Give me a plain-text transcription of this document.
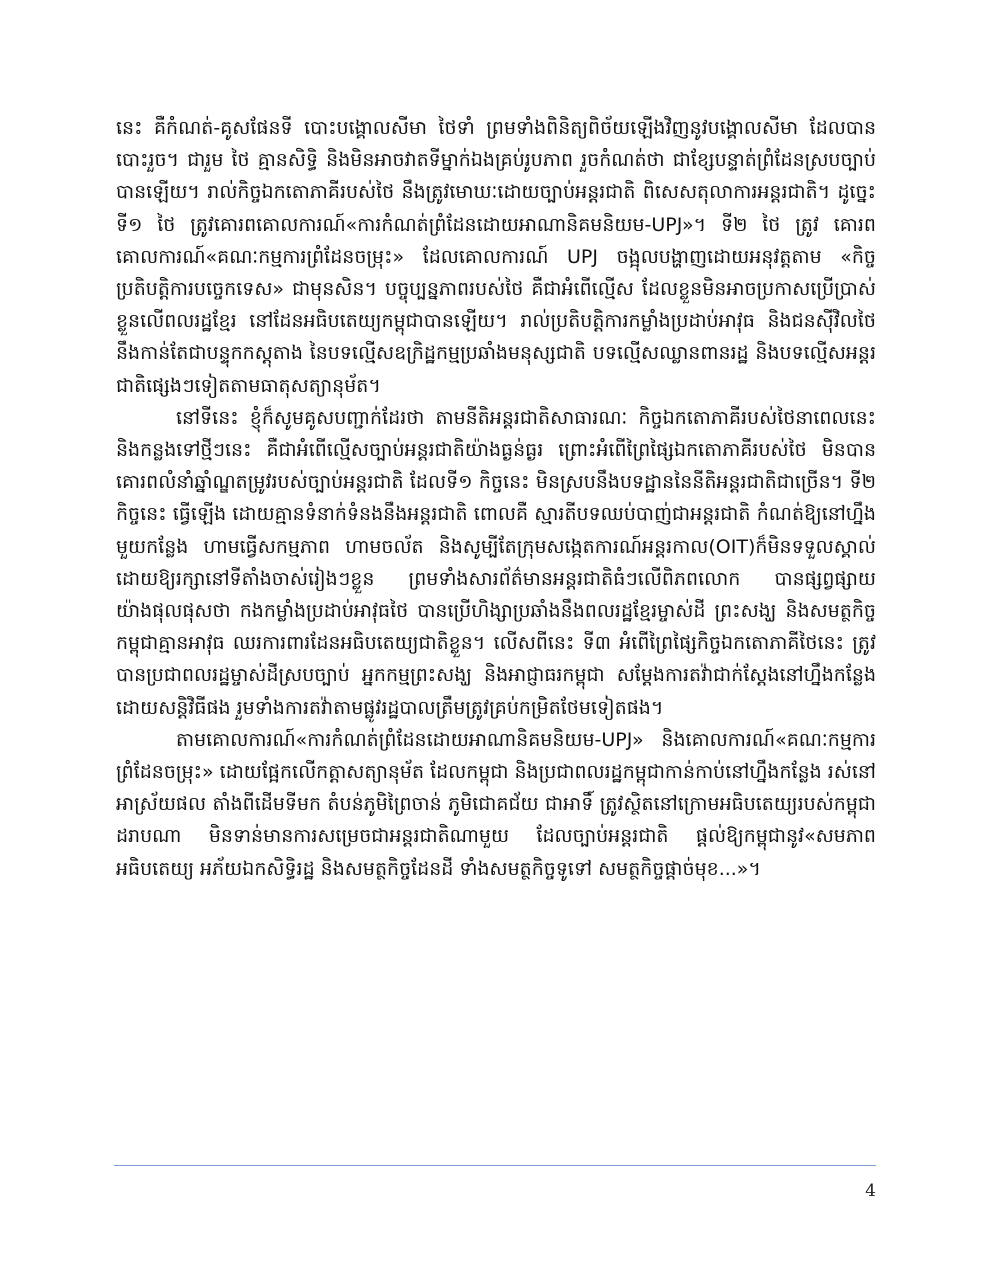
នេះ គឺកំណត់-គូសផែនទី បោះបង្គោលសីមា ថៃទាំ ព្រមទាំងពិនិត្យពិច័យឡើងវិញនូវបង្គោលសីមា ដែលបានបោះរួច។ ជារួម ថៃ គ្មានសិទ្ធិ និងមិនអាចវាតទីម្នាក់ឯងគ្រប់រូបភាព រួចកំណត់ថា ជាខ្សែបន្ទាត់ព្រំដែនស្របច្បាប់បានឡើយ។ រាល់កិច្ចឯកតោភាគីរបស់ថៃ នឹងត្រូវមោឃៈដោយច្បាប់អន្តរជាតិ ពិសេសតុលាការអន្តរជាតិ។ ដូច្នេះ ទី១ ថៃ ត្រូវគោរពគោលការណ៍«ការកំណត់ព្រំដែនដោយអាណានិគមនិយម-UPJ»។ ទី២ ថៃ ត្រូវ គោរពគោលការណ៍«គណៈកម្មការព្រំដែនចម្រុះ» ដែលគោលការណ៍ UPJ ចង្អុលបង្ហាញដោយអនុវត្តតាម «កិច្ចប្រតិបត្តិការបច្ចេកទេស» ជាមុនសិន។ បច្ចុប្បន្នភាពរបស់ថៃ គឺជាអំពើល្មើស ដែលខ្លួនមិនអាចប្រកាសប្រើប្រាស់ខ្លួនលើពលរដ្ឋខ្មែរ នៅដែនអធិបតេយ្យកម្ពុជាបានឡើយ។ រាល់ប្រតិបត្តិការកម្លាំងប្រដាប់អាវុធ និងជនស៊ីវិលថៃ នឹងកាន់តែជាបន្ទុកកស្តុតាង នៃបទល្មើសឧក្រិដ្ឋកម្មប្រឆាំងមនុស្សជាតិ បទល្មើសឈ្លានពានរដ្ឋ និងបទល្មើសអន្តរជាតិផ្សេងៗទៀតតាមធាតុសត្យានុម័ត។

នៅទីនេះ ខ្ញុំក៏សូមគូសបញ្ជាក់ដែរថា តាមនីតិអន្តរជាតិសាធារណៈ កិច្ចឯកតោភាគីរបស់ថៃនាពេលនេះ និងកន្លងទៅថ្មីៗនេះ គឺជាអំពើល្មើសច្បាប់អន្តរជាតិយ៉ាងធ្ងន់ធ្ងរ ព្រោះអំពើព្រៃផ្សៃឯកតោភាគីរបស់ថៃ មិនបានគោរពលំនាំឆ្នាំណ្ឌតម្រូវរបស់ច្បាប់អន្តរជាតិ ដែលទី១ កិច្ចនេះ មិនស្របនឹងបទដ្ឋាននៃនីតិអន្តរជាតិជាច្រើន។ ទី២ កិច្ចនេះ ធ្វើឡើង ដោយគ្មានទំនាក់ទំនងនឹងអន្តរជាតិ ពោលគឺ ស្មារតីបទឈប់បាញ់ជាអន្តរជាតិ កំណត់ឱ្យនៅហ្នឹងមួយកន្លែង ហាមធ្វើសកម្មភាព ហាមចល័ត និងសូម្បីតែក្រុមសង្កេតការណ៍អន្តរកាល(OIT)ក៏មិនទទួលស្គាល់ ដោយឱ្យរក្សានៅទីតាំងចាស់រៀងៗខ្លួន ព្រមទាំងសារព័ត៌មានអន្តរជាតិធំៗលើពិភពលោក បានផ្សព្វផ្សាយយ៉ាងផុលផុសថា កងកម្លាំងប្រដាប់អាវុធថៃ បានប្រើហិង្សាប្រឆាំងនឹងពលរដ្ឋខ្មែរម្ចាស់ដី ព្រះសង្ឃ និងសមត្ថកិច្ចកម្ពុជាគ្មានអាវុធ ឈរការពារដែនអធិបតេយ្យជាតិខ្លួន។ លើសពីនេះ ទី៣ អំពើព្រៃផ្សៃកិច្ចឯកតោភាគីថៃនេះ ត្រូវបានប្រជាពលរដ្ឋម្ចាស់ដីស្របច្បាប់ អ្នកកម្មព្រះសង្ឃ និងអាជ្ញាធរកម្ពុជា សម្តែងការតវ៉ាជាក់ស្តែងនៅហ្នឹងកន្លែងដោយសន្តិវិធីផង រួមទាំងការតវ៉ាតាមផ្លូវរដ្ឋបាលត្រឹមត្រូវគ្រប់កម្រិតថែមទៀតផង។

តាមគោលការណ៍«ការកំណត់ព្រំដែនដោយអាណានិគមនិយម-UPJ» និងគោលការណ៍«គណៈកម្មការព្រំដែនចម្រុះ» ដោយផ្អែកលើកត្តាសត្យានុម័ត ដែលកម្ពុជា និងប្រជាពលរដ្ឋកម្ពុជាកាន់កាប់នៅហ្នឹងកន្លែង រស់នៅអាស្រ័យផល តាំងពីដើមទីមក តំបន់ភូមិព្រៃចាន់ ភូមិជោគជ័យ ជាអាទិ៍ ត្រូវស្ថិតនៅក្រោមអធិបតេយ្យរបស់កម្ពុជា ដរាបណា មិនទាន់មានការសម្រេចជាអន្តរជាតិណាមួយ ដែលច្បាប់អន្តរជាតិ ផ្តល់ឱ្យកម្ពុជានូវ«សមភាពអធិបតេយ្យ អភ័យឯកសិទ្ធិរដ្ឋ និងសមត្ថកិច្ចដែនដី ទាំងសមត្ថកិច្ចទូទៅ សមត្ថកិច្ចផ្តាច់មុខ...»។

4
